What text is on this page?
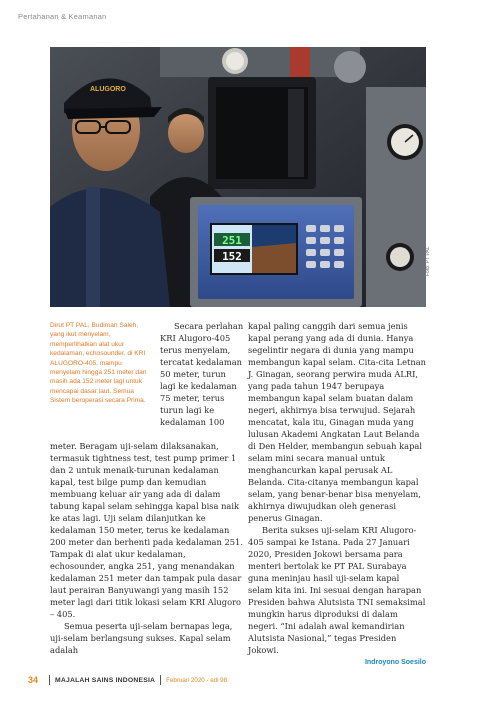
Pertahanan & Keamanan
ALUGORO
251
152	Foto: PT PAL

Dirut PT PAL, Budiman Saleh, yang ikut menyelam, memperlihatkan alat ukur kedalaman, echosounder, di KRI ALUGORO-405, mampu menyelam hingga 251 meter dan masih ada 152 meter lagi untuk mencapai dasar laut. Semua Sistem beroperasi secara Prima.

Secara perlahan KRI Alugoro-405 terus menyelam, tercatat kedalaman 50 meter, turun lagi ke kedalaman 75 meter, terus turun lagi ke kedalaman 100

meter. Beragam uji-selam dilaksanakan, termasuk tightness test, test pump primer 1 dan 2 untuk menaik-turunan kedalaman kapal, test bilge pump dan kemudian membuang keluar air yang ada di dalam tabung kapal selam sehingga kapal bisa naik ke atas lagi. Uji selam dilanjutkan ke kedalaman 150 meter, terus ke kedalaman 200 meter dan berhenti pada kedalaman 251. Tampak di alat ukur kedalaman, echosounder, angka 251, yang menandakan kedalaman 251 meter dan tampak pula dasar laut perairan Banyuwangi yang masih 152 meter lagi dari titik lokasi selam KRI Alugoro – 405.

Semua peserta uji-selam bernapas lega, uji-selam berlangsung sukses. Kapal selam adalah

kapal paling canggih dari semua jenis kapal perang yang ada di dunia. Hanya segelintir negara di dunia yang mampu membangun kapal selam. Cita-cita Letnan J. Ginagan, seorang perwira muda ALRI, yang pada tahun 1947 berupaya membangun kapal selam buatan dalam negeri, akhirnya bisa terwujud. Sejarah mencatat, kala itu, Ginagan muda yang lulusan Akademi Angkatan Laut Belanda di Den Helder, membangun sebuah kapal selam mini secara manual untuk menghancurkan kapal perusak AL Belanda. Cita-citanya membangun kapal selam, yang benar-benar bisa menyelam, akhirnya diwujudkan oleh generasi penerus Ginagan.

Berita sukses uji-selam KRI Alugoro-405 sampai ke Istana. Pada 27 Januari 2020, Presiden Jokowi bersama para menteri bertolak ke PT PAL Surabaya guna meninjau hasil uji-selam kapal selam kita ini. Ini sesuai dengan harapan Presiden bahwa Alutsista TNI semaksimal mungkin harus diproduksi di dalam negeri. “Ini adalah awal kemandirian Alutsista Nasional,” tegas Presiden Jokowi.

Indroyono Soesilo
34	MAJALAH SAINS INDONESIA Februari 2020 - edi 98
